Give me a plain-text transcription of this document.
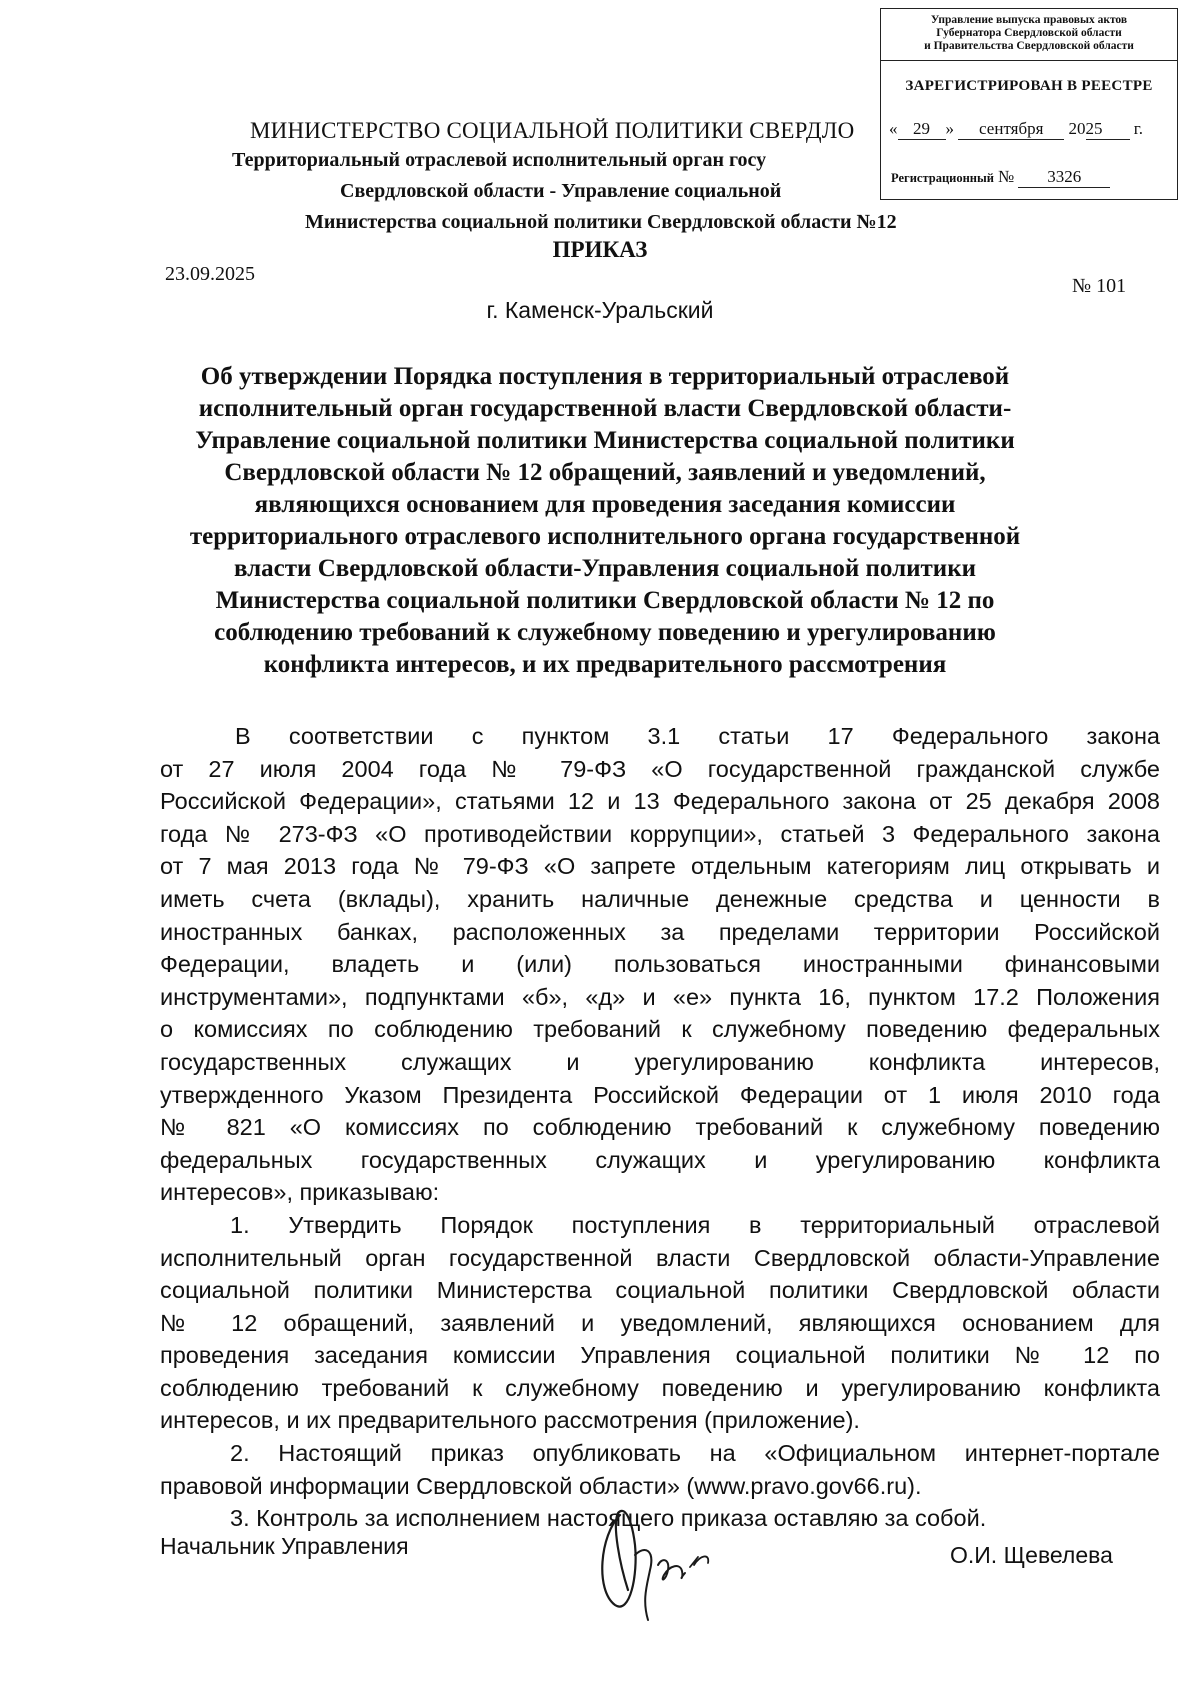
Управление выпуска правовых актов
Губернатора Свердловской области
и Правительства Свердловской области
ЗАРЕГИСТРИРОВАН В РЕЕСТРЕ
« 29 » сентября 2025 г.
Регистрационный № 3326
МИНИСТЕРСТВО СОЦИАЛЬНОЙ ПОЛИТИКИ СВЕРДЛО
Территориальный отраслевой исполнительный орган госу
Свердловской области - Управление социальной
Министерства социальной политики Свердловской области №12
ПРИКАЗ
23.09.2025
№ 101
г. Каменск-Уральский
Об утверждении Порядка поступления в территориальный отраслевой
исполнительный орган государственной власти Свердловской области-
Управление социальной политики Министерства социальной политики
Свердловской области № 12 обращений, заявлений и уведомлений,
являющихся основанием для проведения заседания комиссии
территориального отраслевого исполнительного органа государственной
власти Свердловской области-Управления социальной политики
Министерства социальной политики Свердловской области № 12 по
соблюдению требований к служебному поведению и урегулированию
конфликта интересов, и их предварительного рассмотрения
В соответствии с пунктом 3.1 статьи 17 Федерального закона
от 27 июля 2004 года № 79-ФЗ «О государственной гражданской службе
Российской Федерации», статьями 12 и 13 Федерального закона от 25 декабря 2008
года № 273-ФЗ «О противодействии коррупции», статьей 3 Федерального закона
от 7 мая 2013 года № 79-ФЗ «О запрете отдельным категориям лиц открывать и
иметь счета (вклады), хранить наличные денежные средства и ценности в
иностранных банках, расположенных за пределами территории Российской
Федерации, владеть и (или) пользоваться иностранными финансовыми
инструментами», подпунктами «б», «д» и «е» пункта 16, пунктом 17.2 Положения
о комиссиях по соблюдению требований к служебному поведению федеральных
государственных служащих и урегулированию конфликта интересов,
утвержденного Указом Президента Российской Федерации от 1 июля 2010 года
№ 821 «О комиссиях по соблюдению требований к служебному поведению
федеральных государственных служащих и урегулированию конфликта
интересов», приказываю:
1. Утвердить Порядок поступления в территориальный отраслевой
исполнительный орган государственной власти Свердловской области-Управление
социальной политики Министерства социальной политики Свердловской области
№ 12 обращений, заявлений и уведомлений, являющихся основанием для
проведения заседания комиссии Управления социальной политики № 12 по
соблюдению требований к служебному поведению и урегулированию конфликта
интересов, и их предварительного рассмотрения (приложение).
2. Настоящий приказ опубликовать на «Официальном интернет-портале
правовой информации Свердловской области» (www.pravo.gov66.ru).
3. Контроль за исполнением настоящего приказа оставляю за собой.
Начальник Управления	О.И. Щевелева
